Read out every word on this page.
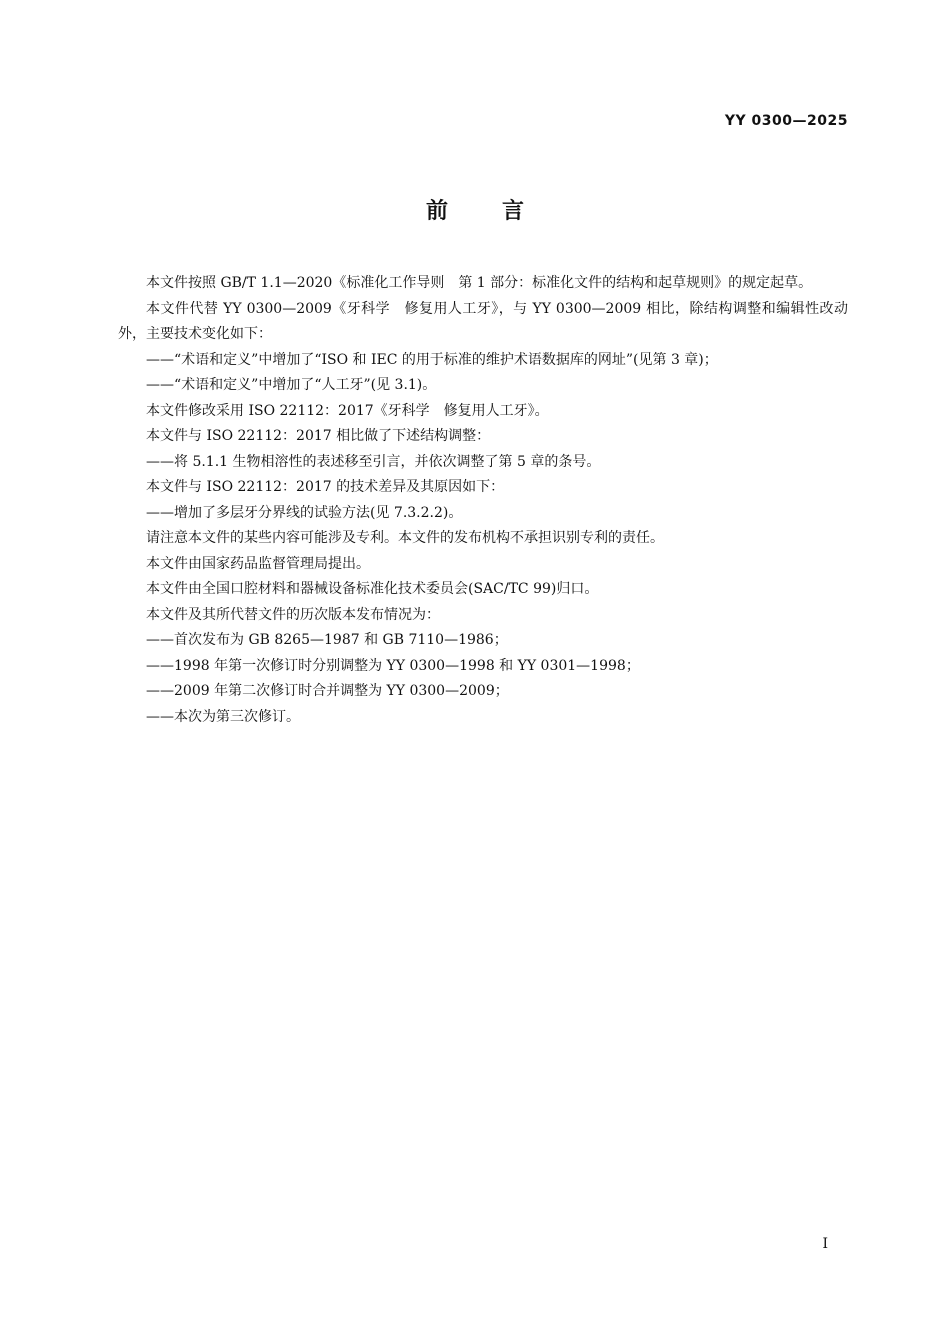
YY 0300—2025
前 言

本文件按照 GB/T 1.1—2020《标准化工作导则　第 1 部分：标准化文件的结构和起草规则》的规定起草。

本文件代替 YY 0300—2009《牙科学　修复用人工牙》，与 YY 0300—2009 相比，除结构调整和编辑性改动外，主要技术变化如下：

——“术语和定义”中增加了“ISO 和 IEC 的用于标准的维护术语数据库的网址”(见第 3 章)；

——“术语和定义”中增加了“人工牙”(见 3.1)。

本文件修改采用 ISO 22112：2017《牙科学　修复用人工牙》。

本文件与 ISO 22112：2017 相比做了下述结构调整：

——将 5.1.1 生物相溶性的表述移至引言，并依次调整了第 5 章的条号。

本文件与 ISO 22112：2017 的技术差异及其原因如下：

——增加了多层牙分界线的试验方法(见 7.3.2.2)。

请注意本文件的某些内容可能涉及专利。本文件的发布机构不承担识别专利的责任。

本文件由国家药品监督管理局提出。

本文件由全国口腔材料和器械设备标准化技术委员会(SAC/TC 99)归口。

本文件及其所代替文件的历次版本发布情况为：

——首次发布为 GB 8265—1987 和 GB 7110—1986；

——1998 年第一次修订时分别调整为 YY 0300—1998 和 YY 0301—1998；

——2009 年第二次修订时合并调整为 YY 0300—2009；

——本次为第三次修订。

I
